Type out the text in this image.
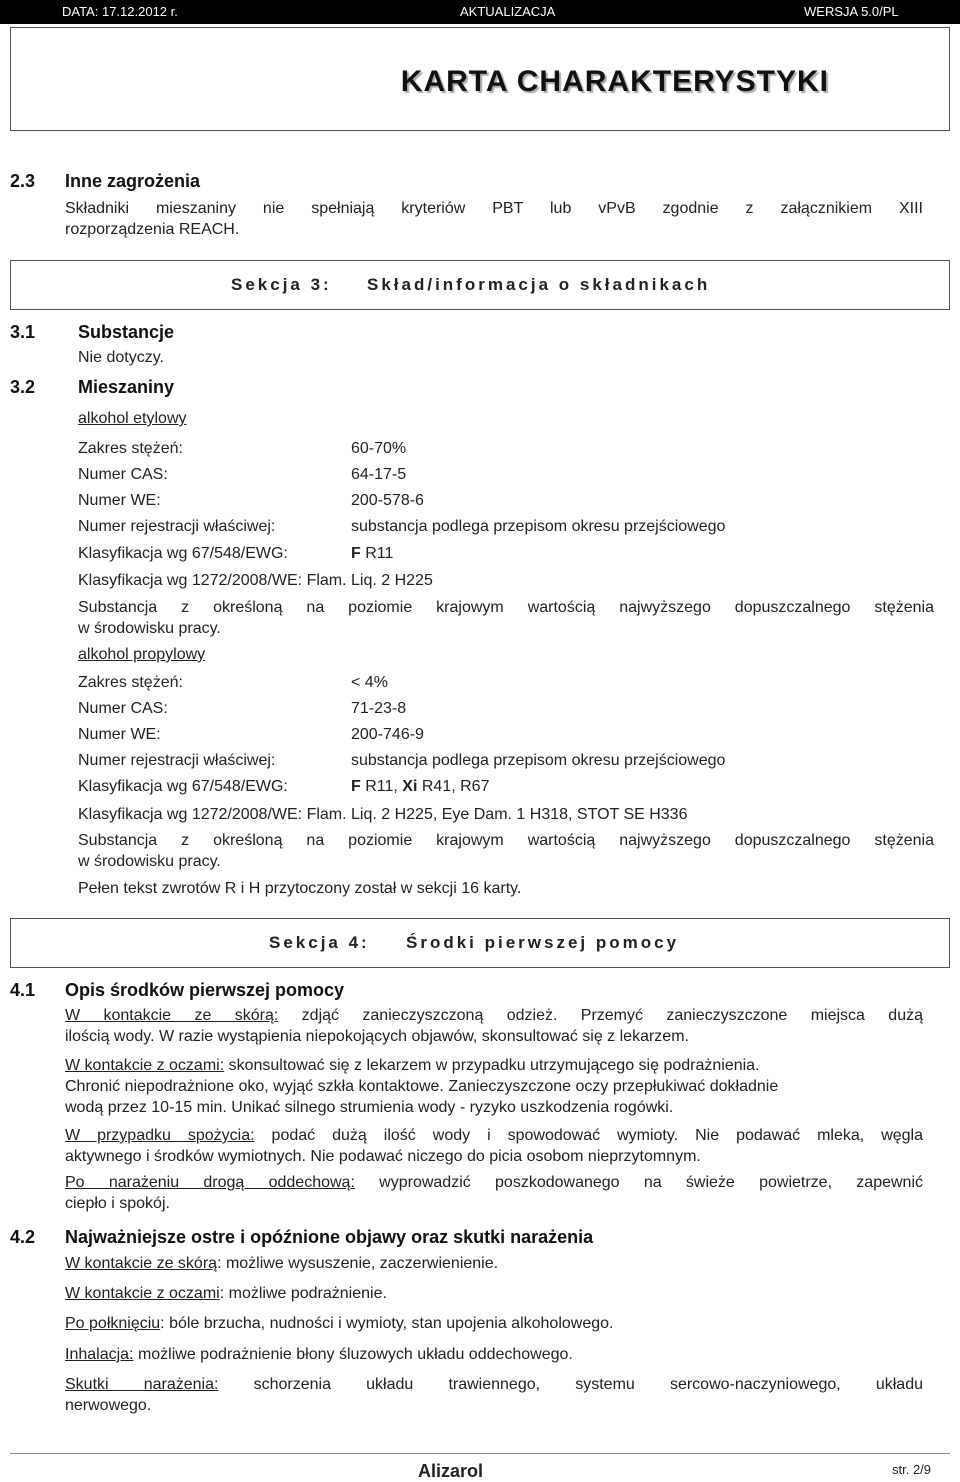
DATA: 17.12.2012 r.	AKTUALIZACJA	WERSJA 5.0/PL
KARTA CHARAKTERYSTYKI
2.3 Inne zagrożenia
Składniki mieszaniny nie spełniają kryteriów PBT lub vPvB zgodnie z załącznikiem XIII
rozporządzenia REACH.
Sekcja 3: Skład/informacja o składnikach
3.1 Substancje
Nie dotyczy.
3.2 Mieszaniny
alkohol etylowy
Zakres stężeń:	60-70%
Numer CAS:	64-17-5
Numer WE:	200-578-6
Numer rejestracji właściwej:	substancja podlega przepisom okresu przejściowego
Klasyfikacja wg 67/548/EWG:	F R11
Klasyfikacja wg 1272/2008/WE: Flam. Liq. 2 H225
Substancja z określoną na poziomie krajowym wartością najwyższego dopuszczalnego stężenia
w środowisku pracy.
alkohol propylowy
Zakres stężeń:	< 4%
Numer CAS:	71-23-8
Numer WE:	200-746-9
Numer rejestracji właściwej:	substancja podlega przepisom okresu przejściowego
Klasyfikacja wg 67/548/EWG:	F R11, Xi R41, R67
Klasyfikacja wg 1272/2008/WE: Flam. Liq. 2 H225, Eye Dam. 1 H318, STOT SE H336
Substancja z określoną na poziomie krajowym wartością najwyższego dopuszczalnego stężenia
w środowisku pracy.
Pełen tekst zwrotów R i H przytoczony został w sekcji 16 karty.
Sekcja 4: Środki pierwszej pomocy
4.1 Opis środków pierwszej pomocy
W kontakcie ze skórą: zdjąć zanieczyszczoną odzież. Przemyć zanieczyszczone miejsca dużą
ilością wody. W razie wystąpienia niepokojących objawów, skonsultować się z lekarzem.
W kontakcie z oczami: skonsultować się z lekarzem w przypadku utrzymującego się podrażnienia.
Chronić niepodrażnione oko, wyjąć szkła kontaktowe. Zanieczyszczone oczy przepłukiwać dokładnie
wodą przez 10-15 min. Unikać silnego strumienia wody - ryzyko uszkodzenia rogówki.
W przypadku spożycia: podać dużą ilość wody i spowodować wymioty. Nie podawać mleka, węgla
aktywnego i środków wymiotnych. Nie podawać niczego do picia osobom nieprzytomnym.
Po narażeniu drogą oddechową: wyprowadzić poszkodowanego na świeże powietrze, zapewnić
ciepło i spokój.
4.2 Najważniejsze ostre i opóźnione objawy oraz skutki narażenia
W kontakcie ze skórą: możliwe wysuszenie, zaczerwienienie.
W kontakcie z oczami: możliwe podrażnienie.
Po połknięciu: bóle brzucha, nudności i wymioty, stan upojenia alkoholowego.
Inhalacja: możliwe podrażnienie błony śluzowych układu oddechowego.
Skutki narażenia: schorzenia układu trawiennego, systemu sercowo-naczyniowego, układu
nerwowego.
Alizarol	str. 2/9
